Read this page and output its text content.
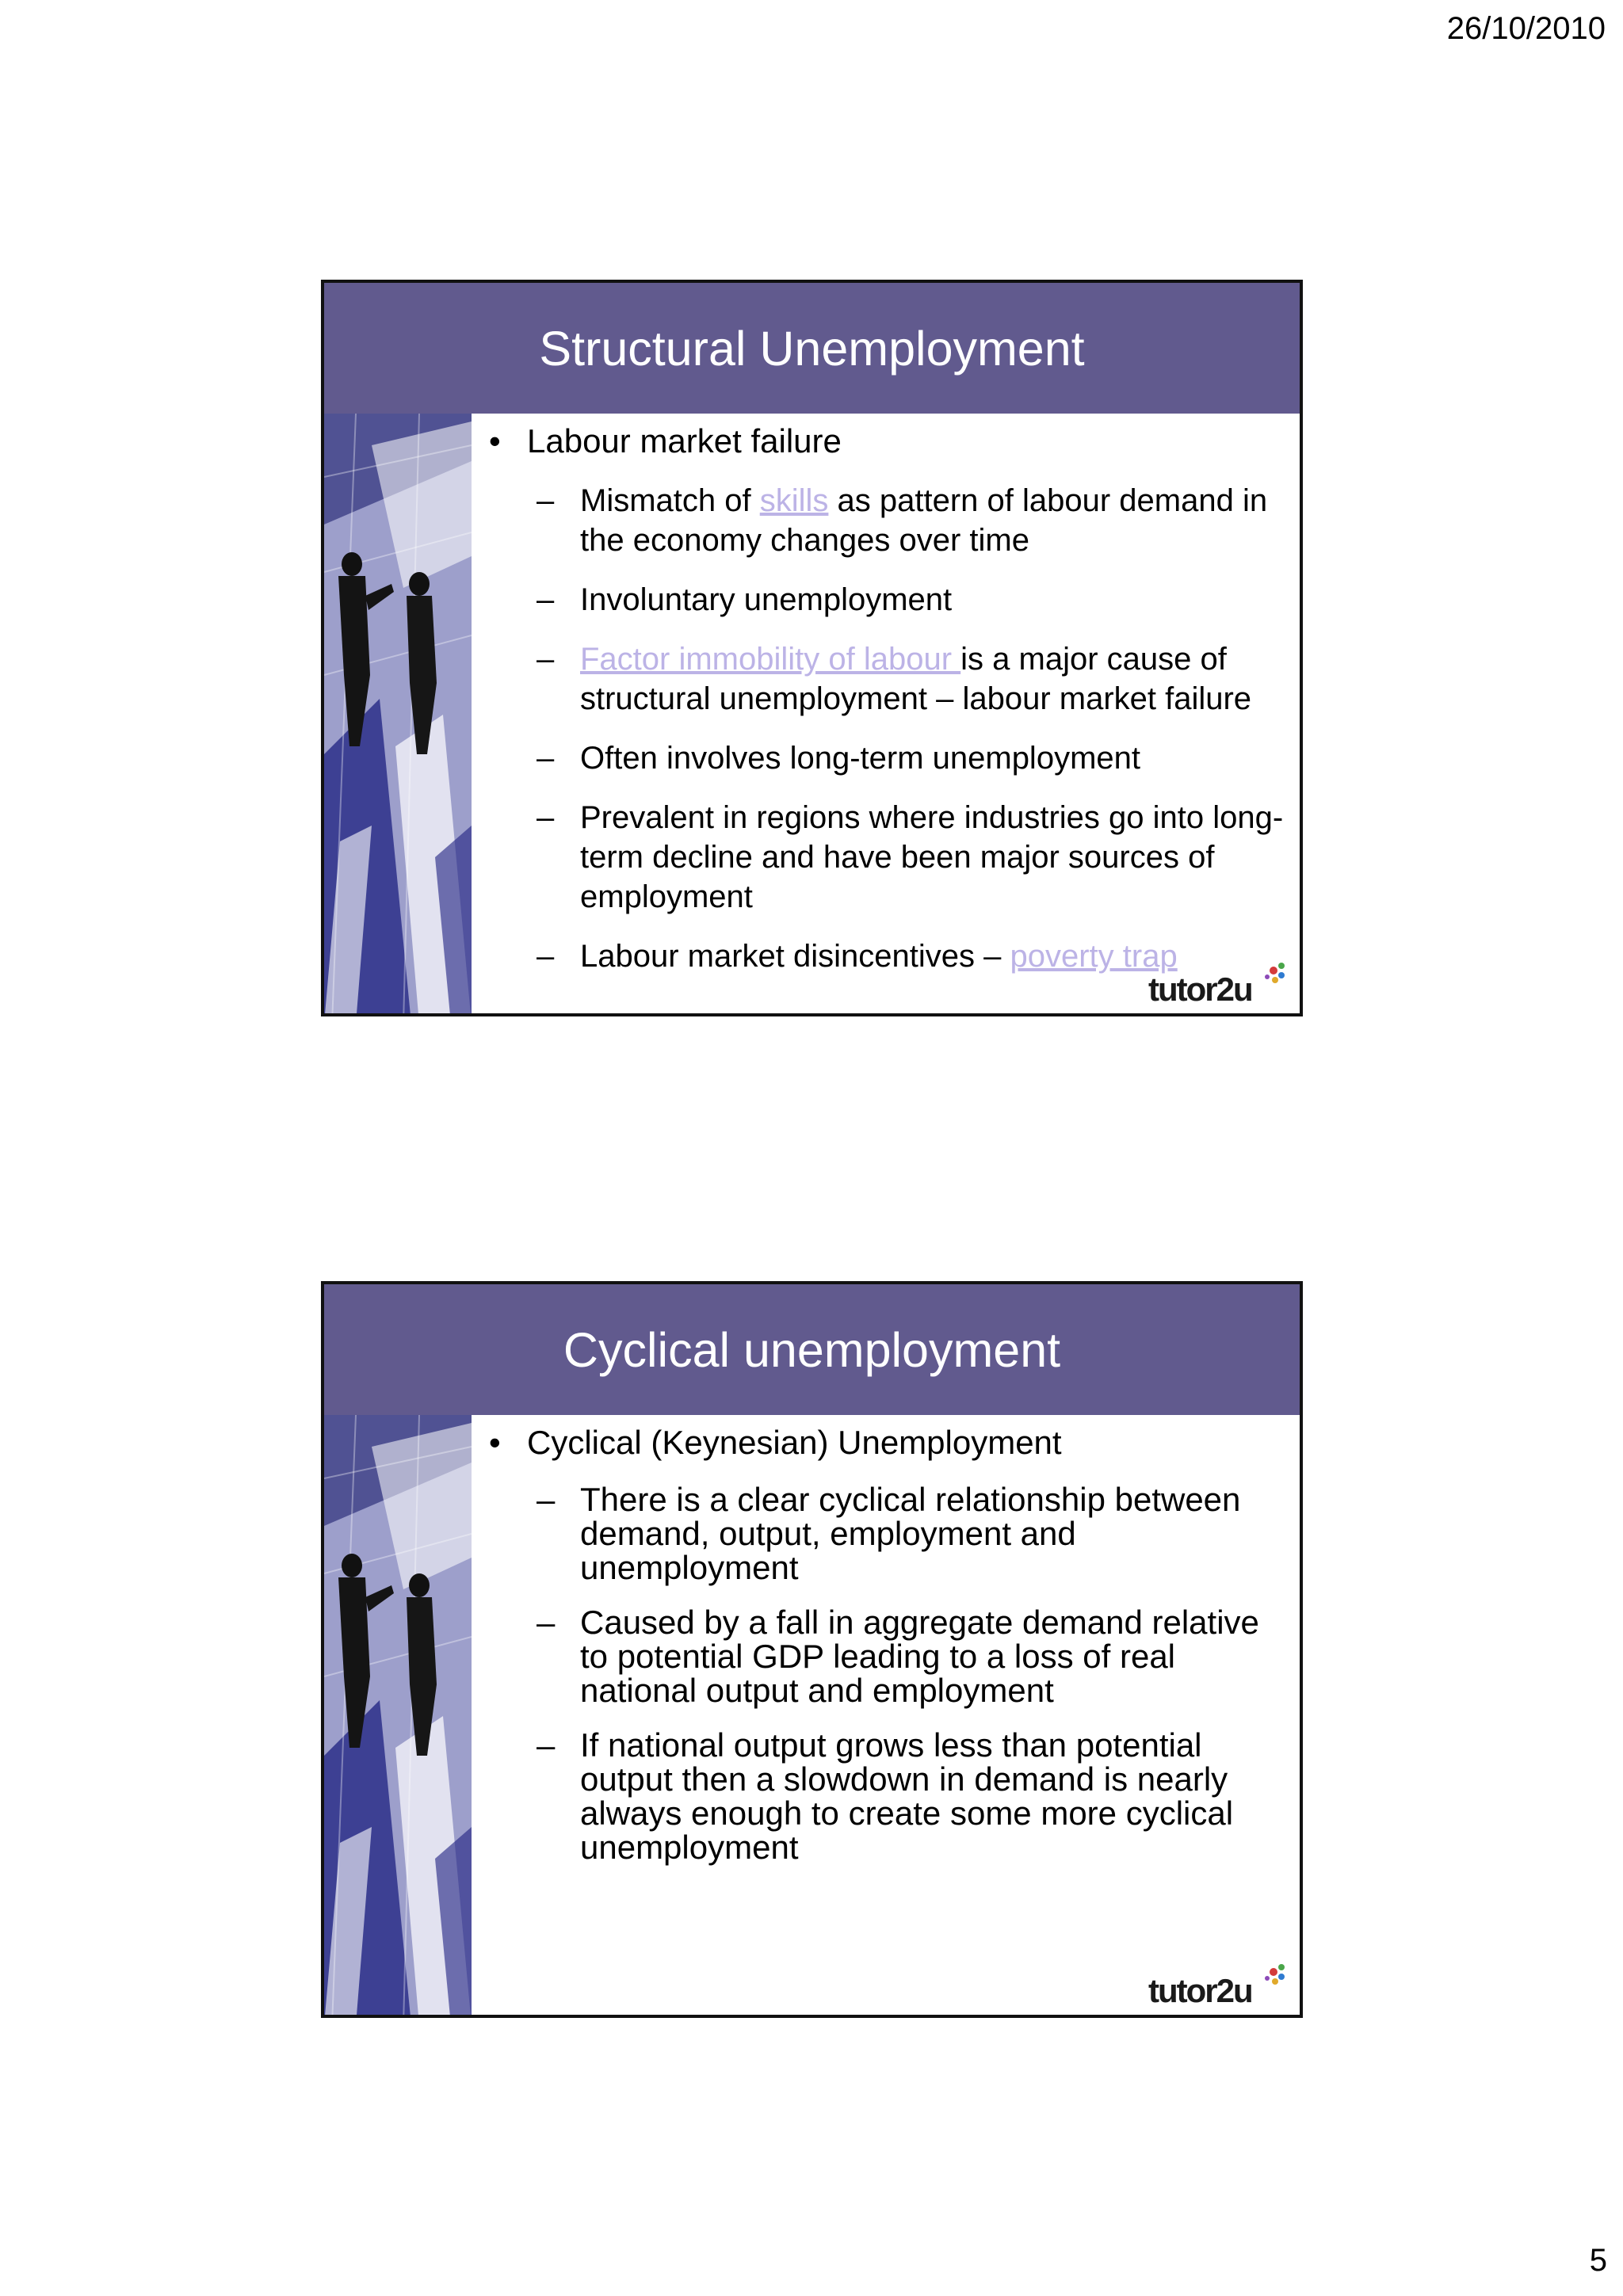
26/10/2010
Structural Unemployment
• Labour market failure
– Mismatch of skills as pattern of labour demand in the economy changes over time
– Involuntary unemployment
– Factor immobility of labour is a major cause of structural unemployment – labour market failure
– Often involves long-term unemployment
– Prevalent in regions where industries go into long-term decline and have been major sources of employment
– Labour market disincentives – poverty trap
tutor2u
Cyclical unemployment
• Cyclical (Keynesian) Unemployment
– There is a clear cyclical relationship between demand, output, employment and unemployment
– Caused by a fall in aggregate demand relative to potential GDP leading to a loss of real national output and employment
– If national output grows less than potential output then a slowdown in demand is nearly always enough to create some more cyclical unemployment
tutor2u
5
